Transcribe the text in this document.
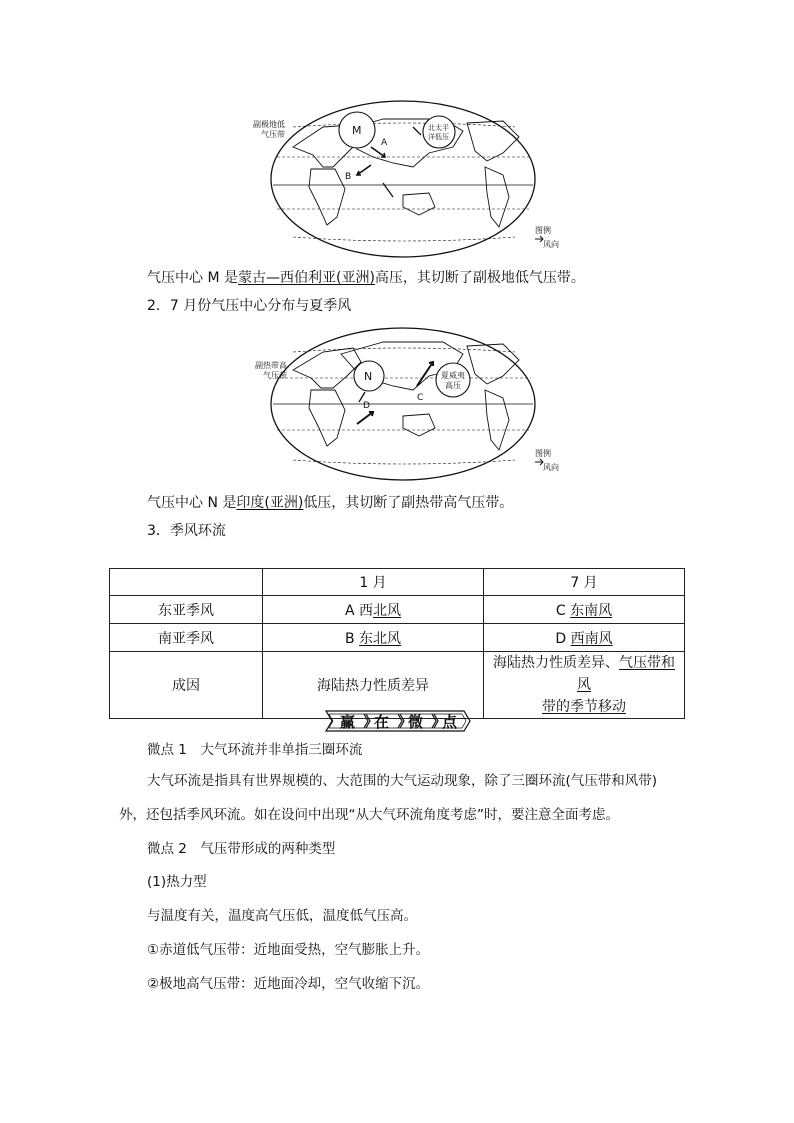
副极地低
气压带	M	北太平
洋低压
A
B
图例
风向
气压中心 M 是蒙古—西伯利亚(亚洲)高压，其切断了副极地低气压带。
2．7 月份气压中心分布与夏季风
副热带高
气压带	N	夏威夷
高压
C
D
图例
风向
气压中心 N 是印度(亚洲)低压，其切断了副热带高气压带。
3．季风环流
	1 月	7 月
东亚季风	A 西北风	C 东南风
南亚季风	B 东北风	D 西南风
成因	海陆热力性质差异	海陆热力性质差异、气压带和风
带的季节移动
赢 在 微 点
微点 1　大气环流并非单指三圈环流
大气环流是指具有世界规模的、大范围的大气运动现象，除了三圈环流(气压带和风带)
外，还包括季风环流。如在设问中出现“从大气环流角度考虑”时，要注意全面考虑。
微点 2　气压带形成的两种类型
(1)热力型
与温度有关，温度高气压低，温度低气压高。
①赤道低气压带：近地面受热，空气膨胀上升。
②极地高气压带：近地面冷却，空气收缩下沉。
